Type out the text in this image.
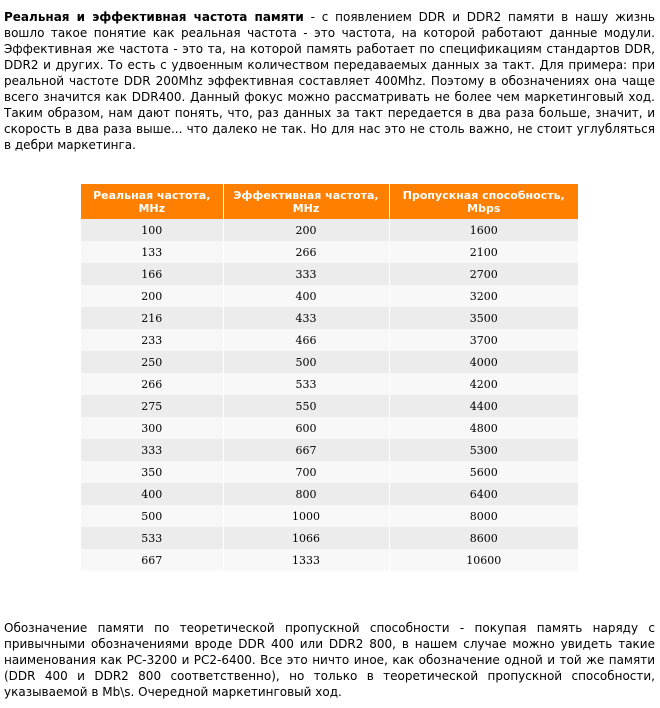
Реальная и эффективная частота памяти - с появлением DDR и DDR2 памяти в нашу жизнь вошло такое понятие как реальная частота - это частота, на которой работают данные модули. Эффективная же частота - это та, на которой память работает по спецификациям стандартов DDR, DDR2 и других. То есть с удвоенным количеством передаваемых данных за такт. Для примера: при реальной частоте DDR 200Mhz эффективная составляет 400Mhz. Поэтому в обозначениях она чаще всего значится как DDR400. Данный фокус можно рассматривать не более чем маркетинговый ход. Таким образом, нам дают понять, что, раз данных за такт передается в два раза больше, значит, и скорость в два раза выше... что далеко не так. Но для нас это не столь важно, не стоит углубляться в дебри маркетинга.

Реальная частота, MHz	Эффективная частота, MHz	Пропускная способность, Mbps
100	200	1600
133	266	2100
166	333	2700
200	400	3200
216	433	3500
233	466	3700
250	500	4000
266	533	4200
275	550	4400
300	600	4800
333	667	5300
350	700	5600
400	800	6400
500	1000	8000
533	1066	8600
667	1333	10600

Обозначение памяти по теоретической пропускной способности - покупая память наряду с привычными обозначениями вроде DDR 400 или DDR2 800, в нашем случае можно увидеть такие наименования как PC-3200 и PC2-6400. Все это ничто иное, как обозначение одной и той же памяти (DDR 400 и DDR2 800 соответственно), но только в теоретической пропускной способности, указываемой в Mb\s. Очередной маркетинговый ход.
